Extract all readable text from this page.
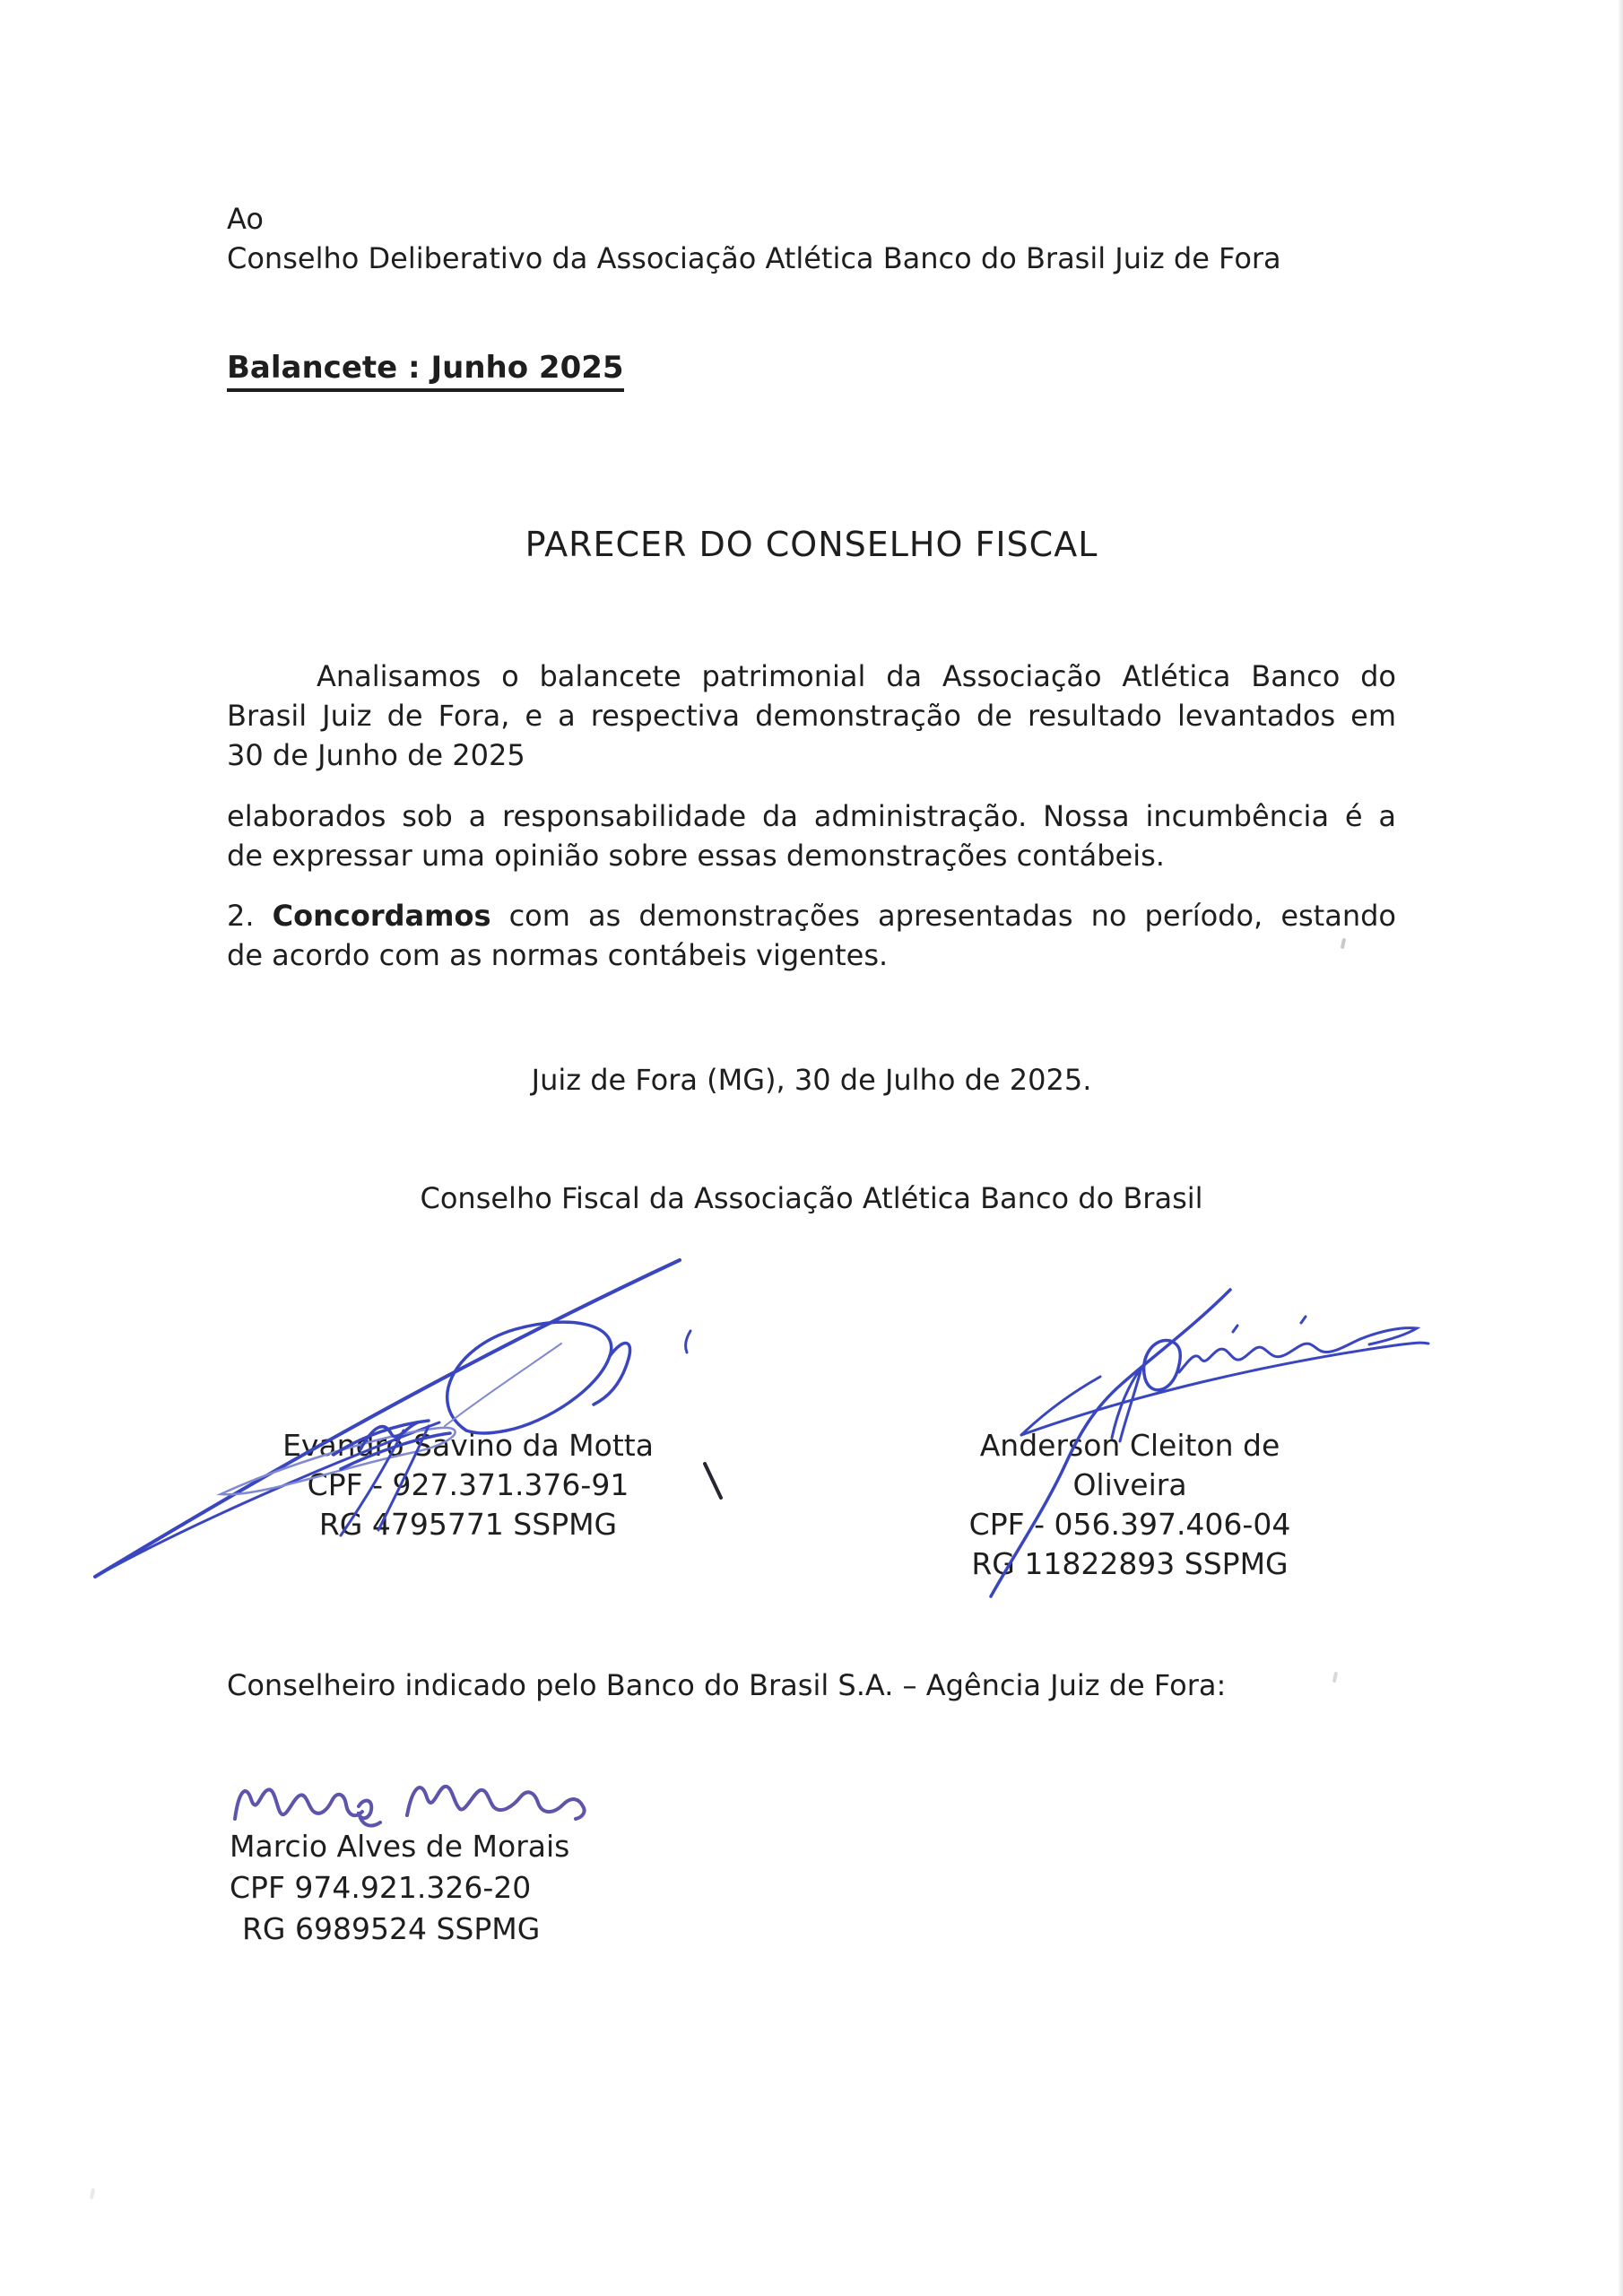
Ao
Conselho Deliberativo da Associação Atlética Banco do Brasil Juiz de Fora
Balancete : Junho 2025
PARECER DO CONSELHO FISCAL
Analisamos o balancete patrimonial da Associação Atlética Banco do
Brasil Juiz de Fora, e a respectiva demonstração de resultado levantados em
30 de Junho de 2025
elaborados sob a responsabilidade da administração. Nossa incumbência é a
de expressar uma opinião sobre essas demonstrações contábeis.
2. Concordamos com as demonstrações apresentadas no período, estando
de acordo com as normas contábeis vigentes.
Juiz de Fora (MG), 30 de Julho de 2025.
Conselho Fiscal da Associação Atlética Banco do Brasil
Evandro Savino da Motta
CPF - 927.371.376-91
RG 4795771 SSPMG
Anderson Cleiton de Oliveira
CPF - 056.397.406-04
RG 11822893 SSPMG
Conselheiro indicado pelo Banco do Brasil S.A. – Agência Juiz de Fora:
Marcio Alves de Morais
CPF 974.921.326-20
RG 6989524 SSPMG
